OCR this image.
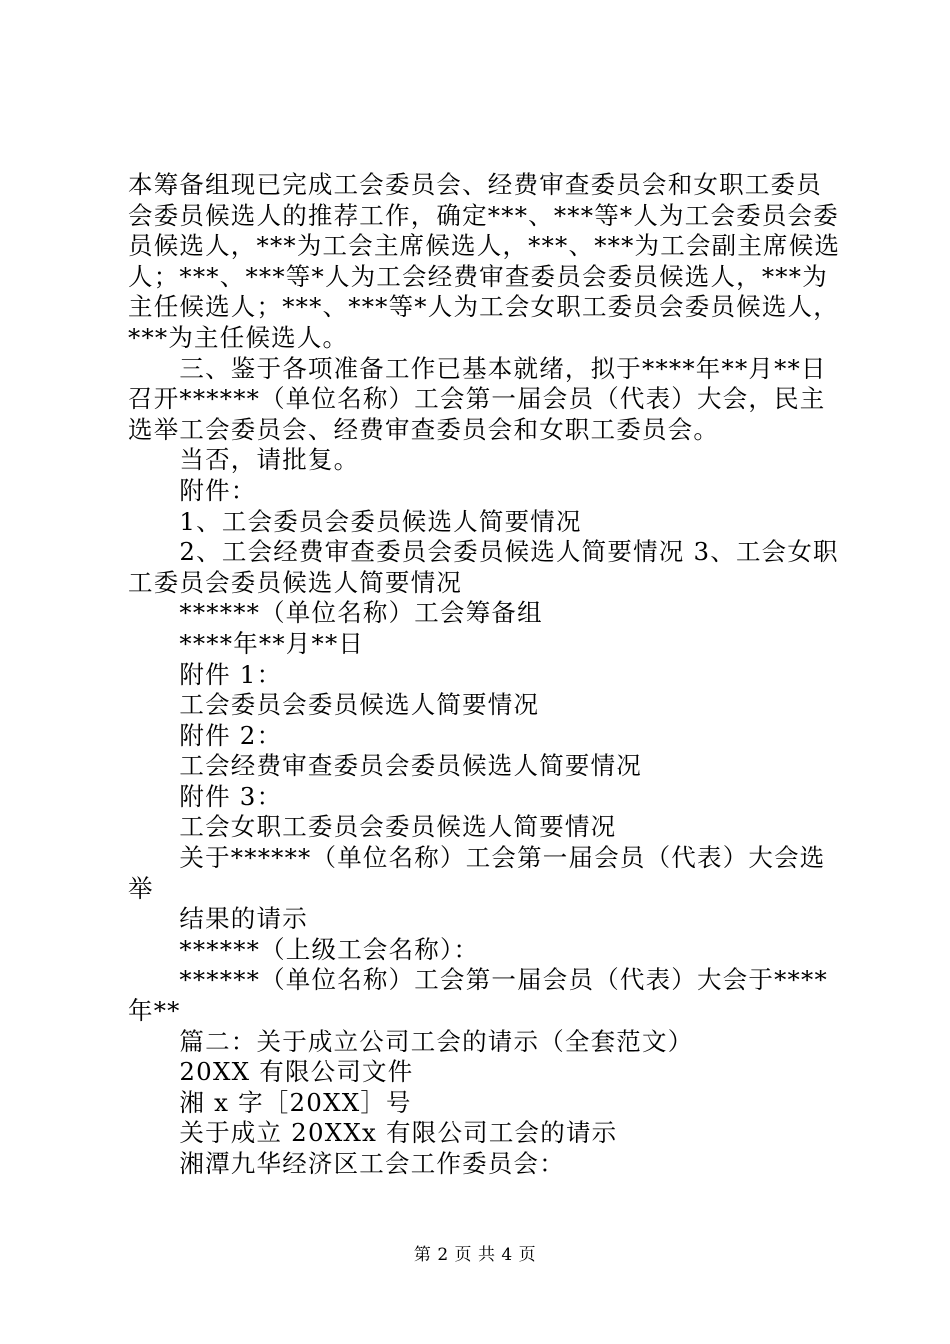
本筹备组现已完成工会委员会、经费审查委员会和女职工委员
会委员候选人的推荐工作，确定***、***等*人为工会委员会委
员候选人，***为工会主席候选人，***、***为工会副主席候选
人；***、***等*人为工会经费审查委员会委员候选人，***为
主任候选人；***、***等*人为工会女职工委员会委员候选人，
***为主任候选人。
　　三、鉴于各项准备工作已基本就绪，拟于****年**月**日
召开******（单位名称）工会第一届会员（代表）大会，民主
选举工会委员会、经费审查委员会和女职工委员会。
　　当否，请批复。
　　附件：
　　1、工会委员会委员候选人简要情况
　　2、工会经费审查委员会委员候选人简要情况 3、工会女职
工委员会委员候选人简要情况
　　******（单位名称）工会筹备组
　　****年**月**日
　　附件 1：
　　工会委员会委员候选人简要情况
　　附件 2：
　　工会经费审查委员会委员候选人简要情况
　　附件 3：
　　工会女职工委员会委员候选人简要情况
　　关于******（单位名称）工会第一届会员（代表）大会选
举
　　结果的请示
　　******（上级工会名称）：
　　******（单位名称）工会第一届会员（代表）大会于****
年**
　　篇二：关于成立公司工会的请示（全套范文）
　　20XX 有限公司文件
　　湘 x 字［20XX］号
　　关于成立 20XXx 有限公司工会的请示
　　湘潭九华经济区工会工作委员会：
第 2 页 共 4 页
